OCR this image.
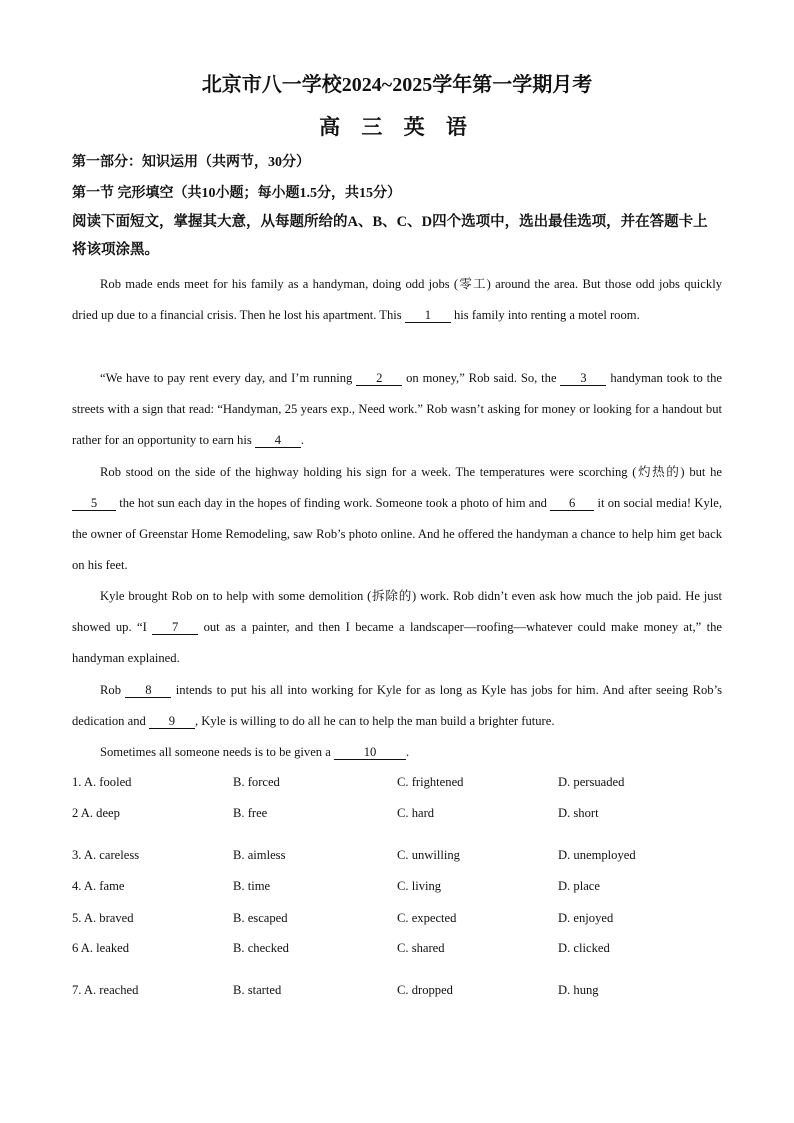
北京市八一学校2024~2025学年第一学期月考
高 三 英 语
第一部分：知识运用（共两节，30分）
第一节 完形填空（共10小题；每小题1.5分，共15分）
阅读下面短文，掌握其大意，从每题所给的A、B、C、D四个选项中，选出最佳选项，并在答题卡上将该项涂黑。
Rob made ends meet for his family as a handyman, doing odd jobs (零工) around the area. But those odd jobs quickly dried up due to a financial crisis. Then he lost his apartment. This 1 his family into renting a motel room.
“We have to pay rent every day, and I’m running 2 on money,” Rob said. So, the 3 handyman took to the streets with a sign that read: “Handyman, 25 years exp., Need work.” Rob wasn’t asking for money or looking for a handout but rather for an opportunity to earn his 4 .
Rob stood on the side of the highway holding his sign for a week. The temperatures were scorching (灼热的) but he 5 the hot sun each day in the hopes of finding work. Someone took a photo of him and 6 it on social media! Kyle, the owner of Greenstar Home Remodeling, saw Rob’s photo online. And he offered the handyman a chance to help him get back on his feet.
Kyle brought Rob on to help with some demolition (拆除的) work. Rob didn’t even ask how much the job paid. He just showed up. “I 7 out as a painter, and then I became a landscaper—roofing—whatever could make money at,” the handyman explained.
Rob 8 intends to put his all into working for Kyle for as long as Kyle has jobs for him. And after seeing Rob’s dedication and 9 , Kyle is willing to do all he can to help the man build a brighter future.
Sometimes all someone needs is to be given a 10 .
1. A. fooled	B. forced	C. frightened	D. persuaded
2 A. deep	B. free	C. hard	D. short
3. A. careless	B. aimless	C. unwilling	D. unemployed
4. A. fame	B. time	C. living	D. place
5. A. braved	B. escaped	C. expected	D. enjoyed
6 A. leaked	B. checked	C. shared	D. clicked
7. A. reached	B. started	C. dropped	D. hung
